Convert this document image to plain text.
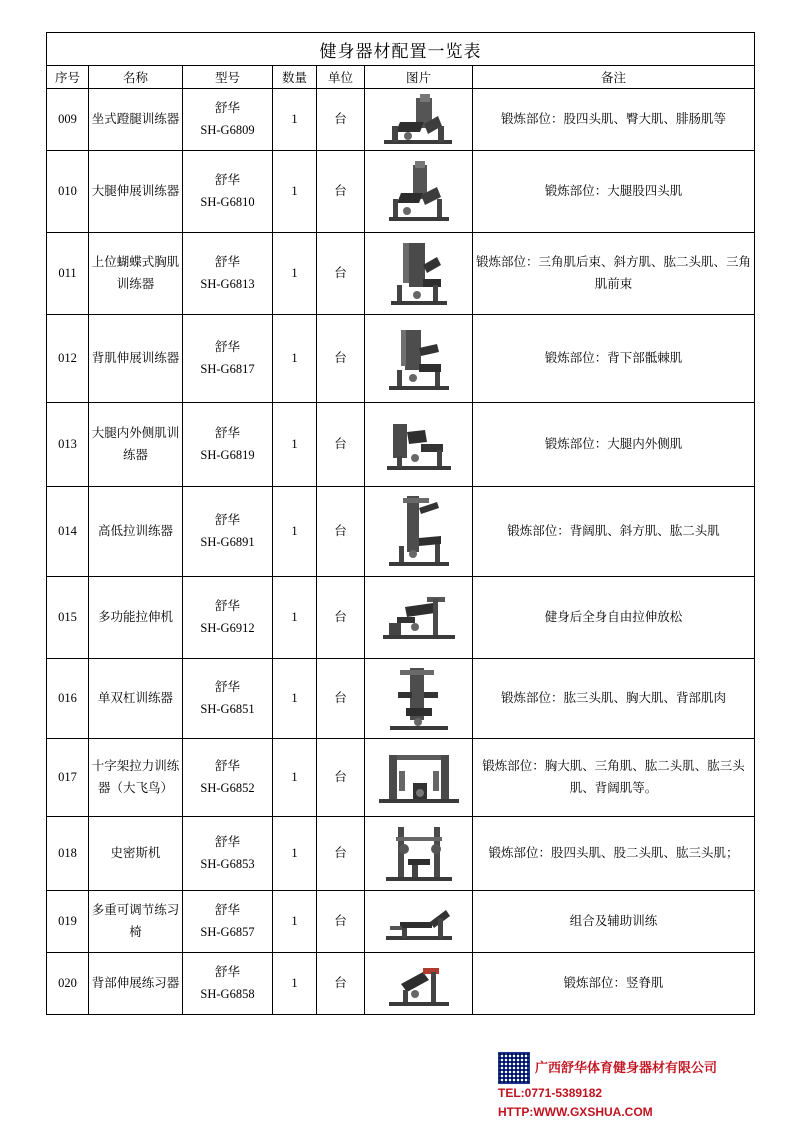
健身器材配置一览表						
序号	名称	型号	数量	单位	图片	备注
009	坐式蹬腿训练器	舒华
SH-G6809	1	台		锻炼部位：股四头肌、臀大肌、腓肠肌等
010	大腿伸展训练器	舒华
SH-G6810	1	台		锻炼部位：大腿股四头肌
011	上位蝴蝶式胸肌训练器	舒华
SH-G6813	1	台		锻炼部位：三角肌后束、斜方肌、肱二头肌、三角肌前束
012	背肌伸展训练器	舒华
SH-G6817	1	台		锻炼部位：背下部骶棘肌
013	大腿内外侧肌训练器	舒华
SH-G6819	1	台		锻炼部位：大腿内外侧肌
014	高低拉训练器	舒华
SH-G6891	1	台		锻炼部位：背阔肌、斜方肌、肱二头肌
015	多功能拉伸机	舒华
SH-G6912	1	台		健身后全身自由拉伸放松
016	单双杠训练器	舒华
SH-G6851	1	台		锻炼部位：肱三头肌、胸大肌、背部肌肉
017	十字架拉力训练器（大飞鸟）	舒华
SH-G6852	1	台		锻炼部位：胸大肌、三角肌、肱二头肌、肱三头肌、背阔肌等。
018	史密斯机	舒华
SH-G6853	1	台		锻炼部位：股四头肌、股二头肌、肱三头肌；
019	多重可调节练习椅	舒华
SH-G6857	1	台		组合及辅助训练
020	背部伸展练习器	舒华
SH-G6858	1	台		锻炼部位：竖脊肌
广西舒华体育健身器材有限公司
TEL:0771-5389182
HTTP:WWW.GXSHUA.COM
